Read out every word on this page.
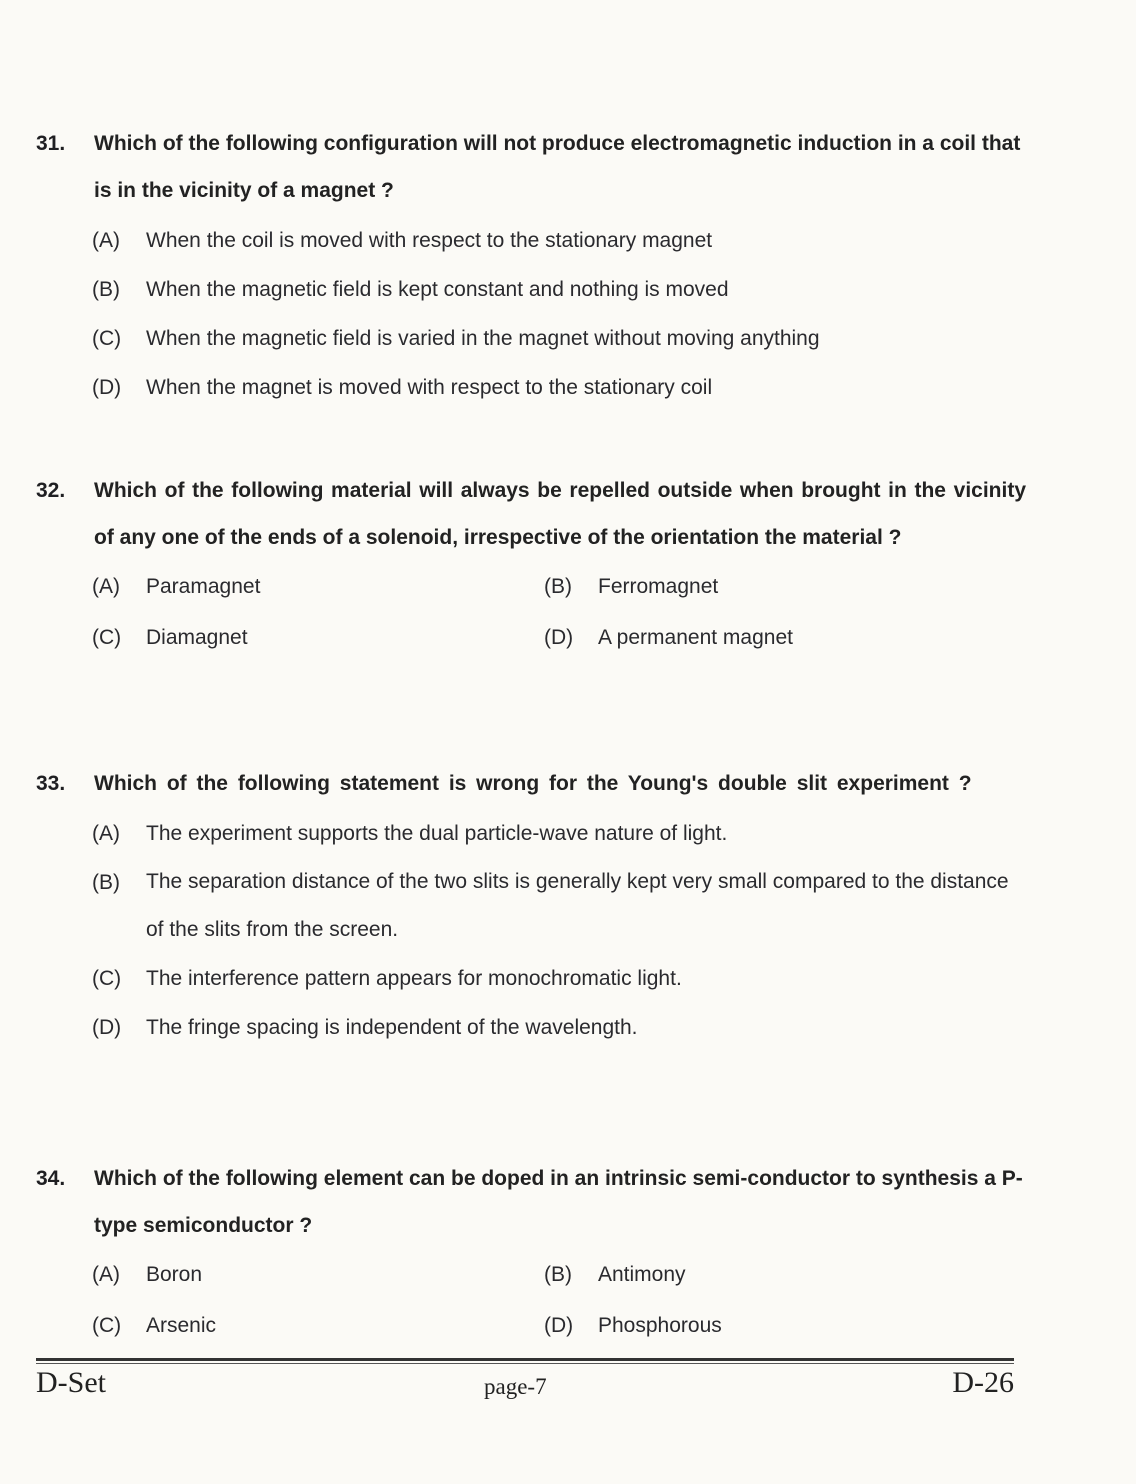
31.	Which of the following configuration will not produce electromagnetic induction in a coil that is in the vicinity of a magnet ?
(A)	When the coil is moved with respect to the stationary magnet
(B)	When the magnetic field is kept constant and nothing is moved
(C)	When the magnetic field is varied in the magnet without moving anything
(D)	When the magnet is moved with respect to the stationary coil
32.	Which of the following material will always be repelled outside when brought in the vicinity of any one of the ends of a solenoid, irrespective of the orientation the material ?
(A)	Paramagnet	(B)	Ferromagnet
(C)	Diamagnet	(D)	A permanent magnet
33.	Which of the following statement is wrong for the Young's double slit experiment ?
(A)	The experiment supports the dual particle-wave nature of light.
(B)	The separation distance of the two slits is generally kept very small compared to the distance of the slits from the screen.
(C)	The interference pattern appears for monochromatic light.
(D)	The fringe spacing is independent of the wavelength.
34.	Which of the following element can be doped in an intrinsic semi-conductor to synthesis a P-type semiconductor ?
(A)	Boron	(B)	Antimony
(C)	Arsenic	(D)	Phosphorous
D-Set	page-7	D-26
